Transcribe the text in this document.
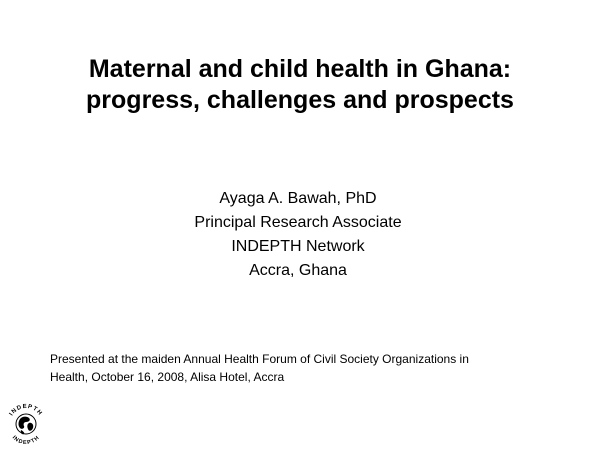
Maternal and child health in Ghana:
progress, challenges and prospects
Ayaga A. Bawah, PhD
Principal Research Associate
INDEPTH Network
Accra, Ghana
Presented at the maiden Annual Health Forum of Civil Society Organizations in
Health, October 16, 2008, Alisa Hotel, Accra
INDEPTH
INDEPTH
